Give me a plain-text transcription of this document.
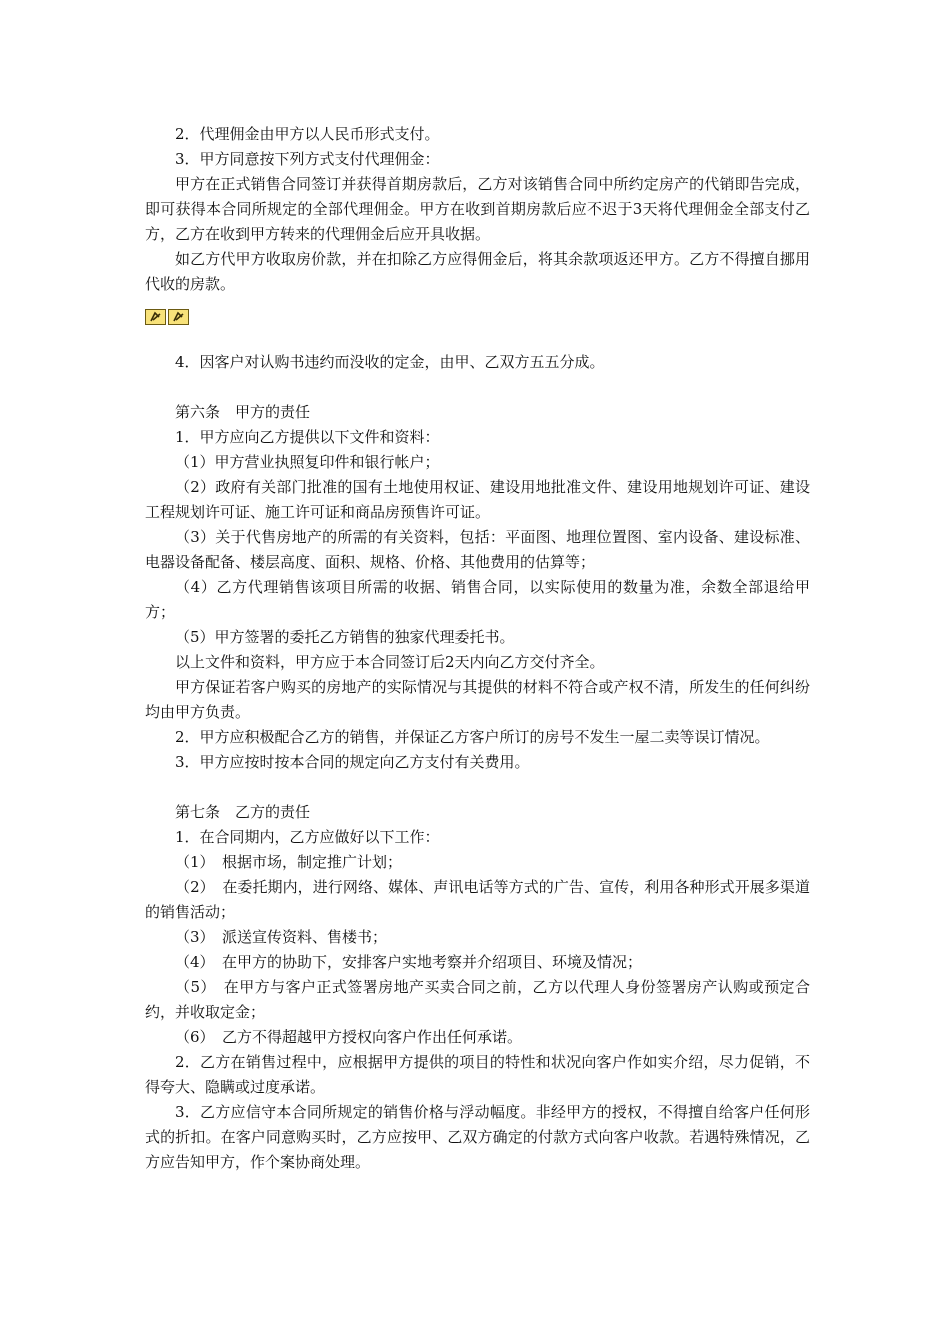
2．代理佣金由甲方以人民币形式支付。

3．甲方同意按下列方式支付代理佣金：

甲方在正式销售合同签订并获得首期房款后，乙方对该销售合同中所约定房产的代销即告完成，即可获得本合同所规定的全部代理佣金。甲方在收到首期房款后应不迟于3天将代理佣金全部支付乙方，乙方在收到甲方转来的代理佣金后应开具收据。

如乙方代甲方收取房价款，并在扣除乙方应得佣金后，将其余款项返还甲方。乙方不得擅自挪用代收的房款。

4．因客户对认购书违约而没收的定金，由甲、乙双方五五分成。

第六条　甲方的责任

1．甲方应向乙方提供以下文件和资料：

（1）甲方营业执照复印件和银行帐户；

（2）政府有关部门批准的国有土地使用权证、建设用地批准文件、建设用地规划许可证、建设工程规划许可证、施工许可证和商品房预售许可证。

（3）关于代售房地产的所需的有关资料，包括：平面图、地理位置图、室内设备、建设标准、电器设备配备、楼层高度、面积、规格、价格、其他费用的估算等；

（4）乙方代理销售该项目所需的收据、销售合同，以实际使用的数量为准，余数全部退给甲方；

（5）甲方签署的委托乙方销售的独家代理委托书。

以上文件和资料，甲方应于本合同签订后2天内向乙方交付齐全。

甲方保证若客户购买的房地产的实际情况与其提供的材料不符合或产权不清，所发生的任何纠纷均由甲方负责。

2．甲方应积极配合乙方的销售，并保证乙方客户所订的房号不发生一屋二卖等误订情况。

3．甲方应按时按本合同的规定向乙方支付有关费用。

第七条　乙方的责任

1．在合同期内，乙方应做好以下工作：

（1）　根据市场，制定推广计划；

（2）　在委托期内，进行网络、媒体、声讯电话等方式的广告、宣传，利用各种形式开展多渠道的销售活动；

（3）　派送宣传资料、售楼书；

（4）　在甲方的协助下，安排客户实地考察并介绍项目、环境及情况；

（5）　在甲方与客户正式签署房地产买卖合同之前，乙方以代理人身份签署房产认购或预定合约，并收取定金；

（6）　乙方不得超越甲方授权向客户作出任何承诺。

2．乙方在销售过程中，应根据甲方提供的项目的特性和状况向客户作如实介绍，尽力促销，不得夸大、隐瞒或过度承诺。

3．乙方应信守本合同所规定的销售价格与浮动幅度。非经甲方的授权，不得擅自给客户任何形式的折扣。在客户同意购买时，乙方应按甲、乙双方确定的付款方式向客户收款。若遇特殊情况，乙方应告知甲方，作个案协商处理。
